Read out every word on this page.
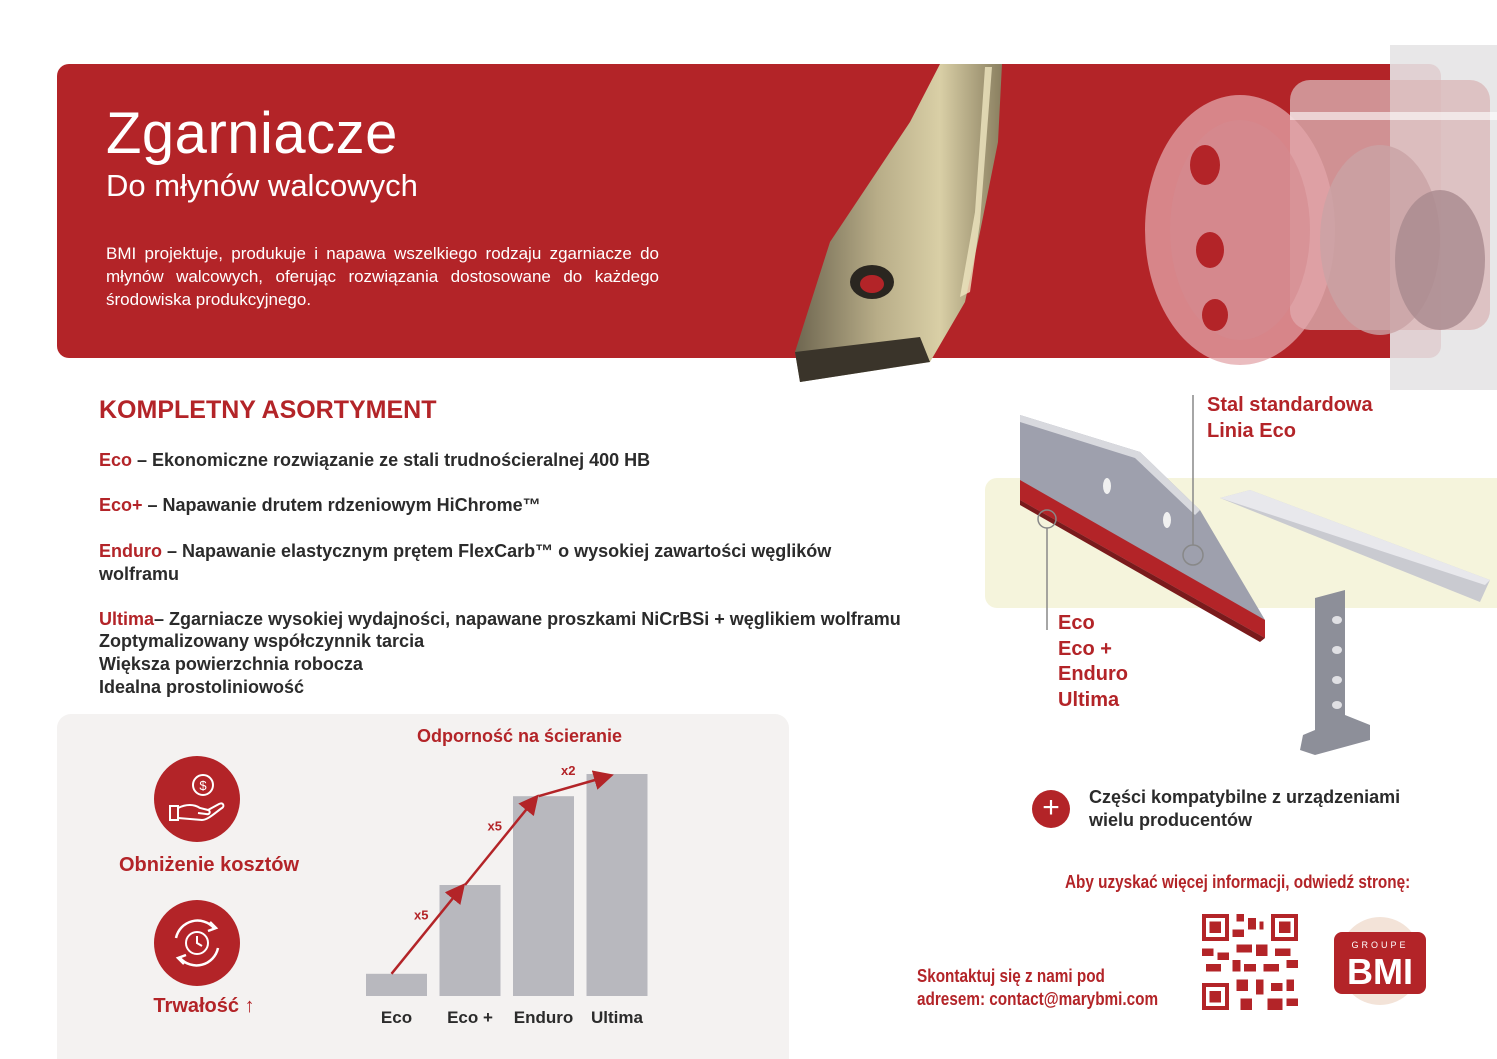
Zgarniacze
Do młynów walcowych
BMI projektuje, produkuje i napawa wszelkiego rodzaju zgarniacze do młynów walcowych, oferując rozwiązania dostosowane do każdego środowiska produkcyjnego.
KOMPLETNY ASORTYMENT
Eco – Ekonomiczne rozwiązanie ze stali trudnościeralnej 400 HB
Eco+ – Napawanie drutem rdzeniowym HiChrome™
Enduro – Napawanie elastycznym prętem FlexCarb™ o wysokiej zawartości węglików wolframu
Ultima– Zgarniacze wysokiej wydajności, napawane proszkami NiCrBSi + węglikiem wolframu
Zoptymalizowany współczynnik tarcia
Większa powierzchnia robocza
Idealna prostoliniowość
Stal standardowa
Linia Eco
Eco
Eco +
Enduro
Ultima
+	Części kompatybilne z urządzeniami
wielu producentów
Aby uzyskać więcej informacji, odwiedź stronę:
Skontaktuj się z nami pod
adresem: contact@marybmi.com
GROUPE
BMI
$
Obniżenie kosztów
Trwałość ↑
Odporność na ścieranie
Eco Eco + Enduro Ultima
x5
x5
x2
